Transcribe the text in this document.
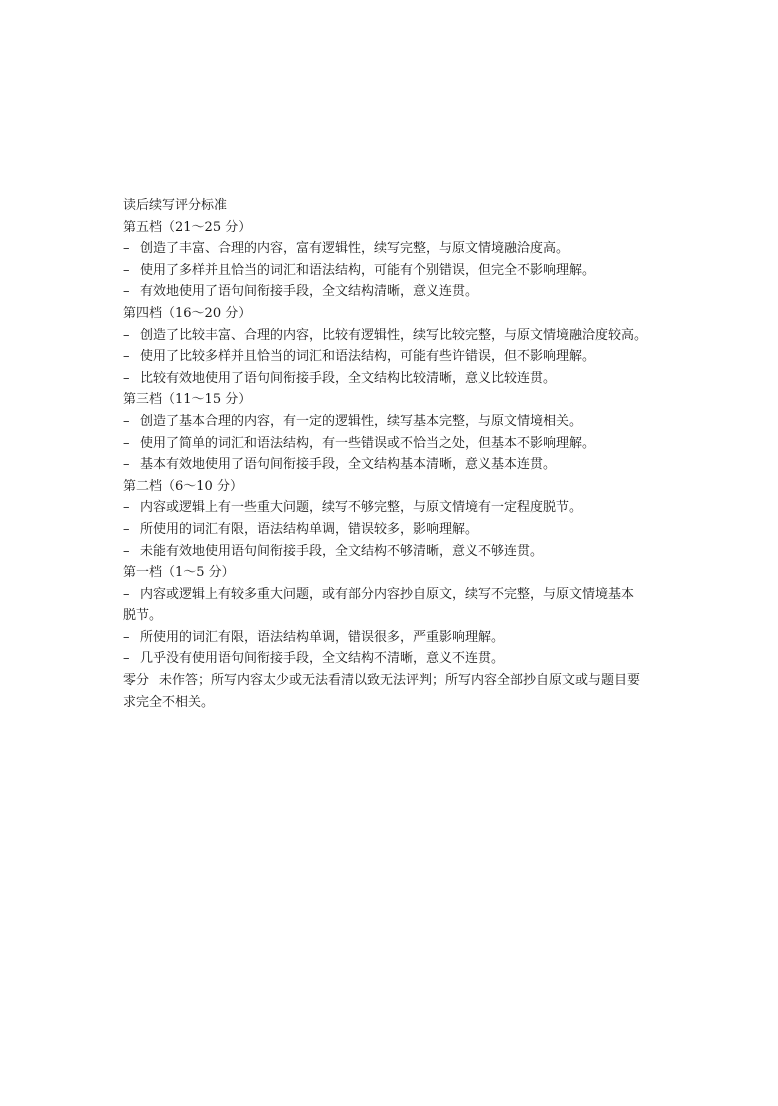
读后续写评分标准
第五档（21～25 分）
– 创造了丰富、合理的内容，富有逻辑性，续写完整，与原文情境融洽度高。
– 使用了多样并且恰当的词汇和语法结构，可能有个别错误，但完全不影响理解。
– 有效地使用了语句间衔接手段，全文结构清晰，意义连贯。
第四档（16～20 分）
– 创造了比较丰富、合理的内容，比较有逻辑性，续写比较完整，与原文情境融洽度较高。
– 使用了比较多样并且恰当的词汇和语法结构，可能有些许错误，但不影响理解。
– 比较有效地使用了语句间衔接手段，全文结构比较清晰，意义比较连贯。
第三档（11～15 分）
– 创造了基本合理的内容，有一定的逻辑性，续写基本完整，与原文情境相关。
– 使用了简单的词汇和语法结构，有一些错误或不恰当之处，但基本不影响理解。
– 基本有效地使用了语句间衔接手段，全文结构基本清晰，意义基本连贯。
第二档（6～10 分）
– 内容或逻辑上有一些重大问题，续写不够完整，与原文情境有一定程度脱节。
– 所使用的词汇有限，语法结构单调，错误较多，影响理解。
– 未能有效地使用语句间衔接手段，全文结构不够清晰，意义不够连贯。
第一档（1～5 分）
– 内容或逻辑上有较多重大问题，或有部分内容抄自原文，续写不完整，与原文情境基本脱节。
– 所使用的词汇有限，语法结构单调，错误很多，严重影响理解。
– 几乎没有使用语句间衔接手段，全文结构不清晰，意义不连贯。
零分 未作答；所写内容太少或无法看清以致无法评判；所写内容全部抄自原文或与题目要求完全不相关。
